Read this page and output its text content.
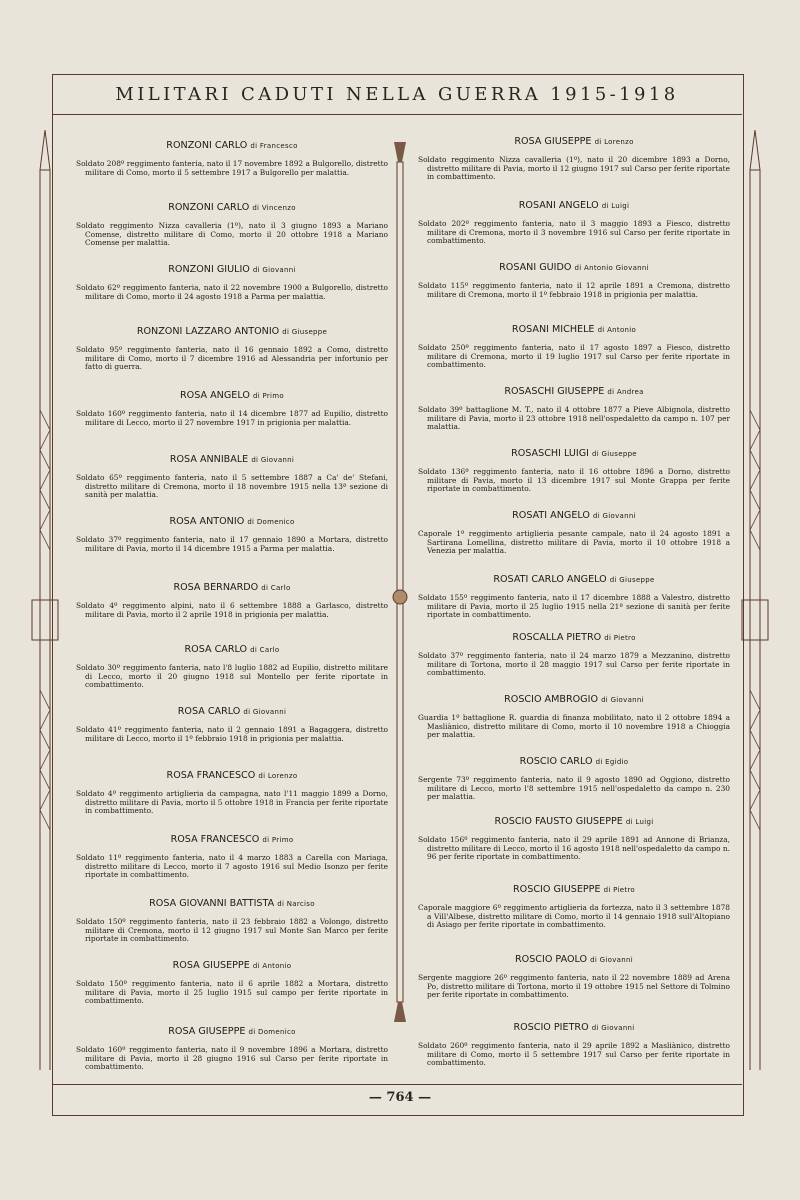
MILITARI CADUTI NELLA GUERRA 1915-1918
RONZONI CARLO di Francesco
Soldato 208º reggimento fanteria, nato il 17 novembre 1892 a Bulgorello, distretto militare di Como, morto il 5 settembre 1917 a Bulgorello per malattia.
RONZONI CARLO di Vincenzo
Soldato reggimento Nizza cavalleria (1º), nato il 3 giugno 1893 a Mariano Comense, distretto militare di Como, morto il 20 ottobre 1918 a Mariano Comense per malattia.
RONZONI GIULIO di Giovanni
Soldato 62º reggimento fanteria, nato il 22 novembre 1900 a Bulgorello, distretto militare di Como, morto il 24 agosto 1918 a Parma per malattia.
RONZONI LAZZARO ANTONIO di Giuseppe
Soldato 95º reggimento fanteria, nato il 16 gennaio 1892 a Como, distretto militare di Como, morto il 7 dicembre 1916 ad Alessandria per infortunio per fatto di guerra.
ROSA ANGELO di Primo
Soldato 160º reggimento fanteria, nato il 14 dicembre 1877 ad Eupilio, distretto militare di Lecco, morto il 27 novembre 1917 in prigionia per malattia.
ROSA ANNIBALE di Giovanni
Soldato 65º reggimento fanteria, nato il 5 settembre 1887 a Ca' de' Stefani, distretto militare di Cremona, morto il 18 novembre 1915 nella 13ª sezione di sanità per malattia.
ROSA ANTONIO di Domenico
Soldato 37º reggimento fanteria, nato il 17 gennaio 1890 a Mortara, distretto militare di Pavia, morto il 14 dicembre 1915 a Parma per malattia.
ROSA BERNARDO di Carlo
Soldato 4º reggimento alpini, nato il 6 settembre 1888 a Garlasco, distretto militare di Pavia, morto il 2 aprile 1918 in prigionia per malattia.
ROSA CARLO di Carlo
Soldato 30º reggimento fanteria, nato l'8 luglio 1882 ad Eupilio, distretto militare di Lecco, morto il 20 giugno 1918 sul Montello per ferite riportate in combattimento.
ROSA CARLO di Giovanni
Soldato 41º reggimento fanteria, nato il 2 gennaio 1891 a Bagaggera, distretto militare di Lecco, morto il 1º febbraio 1918 in prigionia per malattia.
ROSA FRANCESCO di Lorenzo
Soldato 4º reggimento artiglieria da campagna, nato l'11 maggio 1899 a Dorno, distretto militare di Pavia, morto il 5 ottobre 1918 in Francia per ferite riportate in combattimento.
ROSA FRANCESCO di Primo
Soldato 11º reggimento fanteria, nato il 4 marzo 1883 a Carella con Mariaga, distretto militare di Lecco, morto il 7 agosto 1916 sul Medio Isonzo per ferite riportate in combattimento.
ROSA GIOVANNI BATTISTA di Narciso
Soldato 150º reggimento fanteria, nato il 23 febbraio 1882 a Volongo, distretto militare di Cremona, morto il 12 giugno 1917 sul Monte San Marco per ferite riportate in combattimento.
ROSA GIUSEPPE di Antonio
Soldato 150º reggimento fanteria, nato il 6 aprile 1882 a Mortara, distretto militare di Pavia, morto il 25 luglio 1915 sul campo per ferite riportate in combattimento.
ROSA GIUSEPPE di Domenico
Soldato 160º reggimento fanteria, nato il 9 novembre 1896 a Mortara, distretto militare di Pavia, morto il 28 giugno 1916 sul Carso per ferite riportate in combattimento.
ROSA GIUSEPPE di Lorenzo
Soldato reggimento Nizza cavalleria (1º), nato il 20 dicembre 1893 a Dorno, distretto militare di Pavia, morto il 12 giugno 1917 sul Carso per ferite riportate in combattimento.
ROSANI ANGELO di Luigi
Soldato 202º reggimento fanteria, nato il 3 maggio 1893 a Fiesco, distretto militare di Cremona, morto il 3 novembre 1916 sul Carso per ferite riportate in combattimento.
ROSANI GUIDO di Antonio Giovanni
Soldato 115º reggimento fanteria, nato il 12 aprile 1891 a Cremona, distretto militare di Cremona, morto il 1º febbraio 1918 in prigionia per malattia.
ROSANI MICHELE di Antonio
Soldato 250º reggimento fanteria, nato il 17 agosto 1897 a Fiesco, distretto militare di Cremona, morto il 19 luglio 1917 sul Carso per ferite riportate in combattimento.
ROSASCHI GIUSEPPE di Andrea
Soldato 39º battaglione M. T., nato il 4 ottobre 1877 a Pieve Albignola, distretto militare di Pavia, morto il 23 ottobre 1918 nell'ospedaletto da campo n. 107 per malattia.
ROSASCHI LUIGI di Giuseppe
Soldato 136º reggimento fanteria, nato il 16 ottobre 1896 a Dorno, distretto militare di Pavia, morto il 13 dicembre 1917 sul Monte Grappa per ferite riportate in combattimento.
ROSATI ANGELO di Giovanni
Caporale 1º reggimento artiglieria pesante campale, nato il 24 agosto 1891 a Sartirana Lomellina, distretto militare di Pavia, morto il 10 ottobre 1918 a Venezia per malattia.
ROSATI CARLO ANGELO di Giuseppe
Soldato 155º reggimento fanteria, nato il 17 dicembre 1888 a Valestro, distretto militare di Pavia, morto il 25 luglio 1915 nella 21ª sezione di sanità per ferite riportate in combattimento.
ROSCALLA PIETRO di Pietro
Soldato 37º reggimento fanteria, nato il 24 marzo 1879 a Mezzanino, distretto militare di Tortona, morto il 28 maggio 1917 sul Carso per ferite riportate in combattimento.
ROSCIO AMBROGIO di Giovanni
Guardia 1º battaglione R. guardia di finanza mobilitato, nato il 2 ottobre 1894 a Masliànico, distretto militare di Como, morto il 10 novembre 1918 a Chioggia per malattia.
ROSCIO CARLO di Egidio
Sergente 73º reggimento fanteria, nato il 9 agosto 1890 ad Oggiono, distretto militare di Lecco, morto l'8 settembre 1915 nell'ospedaletto da campo n. 230 per malattia.
ROSCIO FAUSTO GIUSEPPE di Luigi
Soldato 156º reggimento fanteria, nato il 29 aprile 1891 ad Annone di Brianza, distretto militare di Lecco, morto il 16 agosto 1918 nell'ospedaletto da campo n. 96 per ferite riportate in combattimento.
ROSCIO GIUSEPPE di Pietro
Caporale maggiore 6º reggimento artiglieria da fortezza, nato il 3 settembre 1878 a Vill'Albese, distretto militare di Como, morto il 14 gennaio 1918 sull'Altopiano di Asiago per ferite riportate in combattimento.
ROSCIO PAOLO di Giovanni
Sergente maggiore 26º reggimento fanteria, nato il 22 novembre 1889 ad Arena Po, distretto militare di Tortona, morto il 19 ottobre 1915 nel Settore di Tolmino per ferite riportate in combattimento.
ROSCIO PIETRO di Giovanni
Soldato 260º reggimento fanteria, nato il 29 aprile 1892 a Masliànico, distretto militare di Como, morto il 5 settembre 1917 sul Carso per ferite riportate in combattimento.
— 764 —
